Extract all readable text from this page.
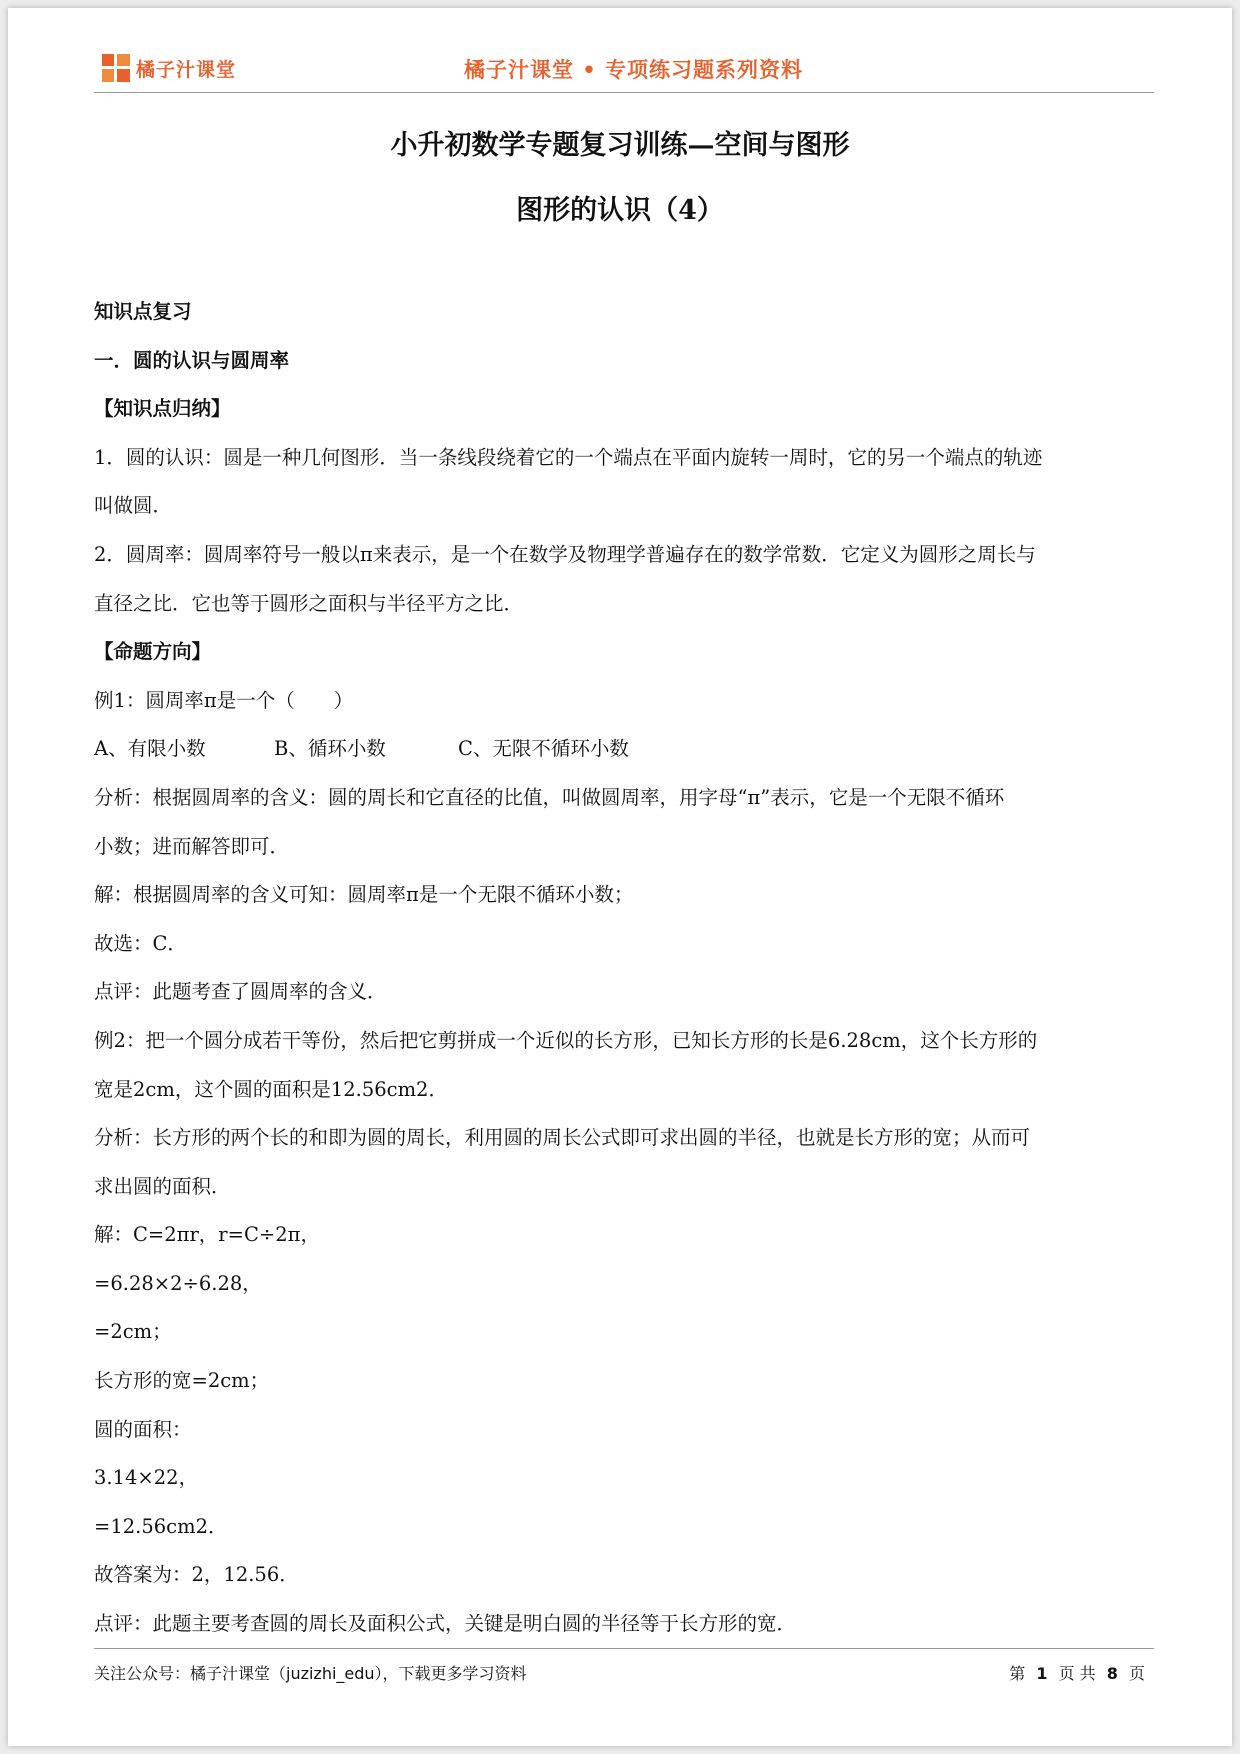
橘子汁课堂	橘子汁课堂 • 专项练习题系列资料
小升初数学专题复习训练—空间与图形
图形的认识（4）

知识点复习

一．圆的认识与圆周率

【知识点归纳】

1．圆的认识：圆是一种几何图形．当一条线段绕着它的一个端点在平面内旋转一周时，它的另一个端点的轨迹

叫做圆．

2．圆周率：圆周率符号一般以π来表示，是一个在数学及物理学普遍存在的数学常数．它定义为圆形之周长与

直径之比．它也等于圆形之面积与半径平方之比．

【命题方向】

例1：圆周率π是一个（　　）

A、有限小数	B、循环小数	C、无限不循环小数

分析：根据圆周率的含义：圆的周长和它直径的比值，叫做圆周率，用字母“π”表示，它是一个无限不循环

小数；进而解答即可．

解：根据圆周率的含义可知：圆周率π是一个无限不循环小数；

故选：C．

点评：此题考查了圆周率的含义．

例2：把一个圆分成若干等份，然后把它剪拼成一个近似的长方形，已知长方形的长是6.28cm，这个长方形的

宽是2cm，这个圆的面积是12.56cm2．

分析：长方形的两个长的和即为圆的周长，利用圆的周长公式即可求出圆的半径，也就是长方形的宽；从而可

求出圆的面积．

解：C=2πr，r=C÷2π，

=6.28×2÷6.28，

=2cm；

长方形的宽=2cm；

圆的面积：

3.14×22，

=12.56cm2．

故答案为：2，12.56．

点评：此题主要考查圆的周长及面积公式，关键是明白圆的半径等于长方形的宽．

关注公众号：橘子汁课堂（juzizhi_edu），下载更多学习资料	第 1 页 共 8 页
